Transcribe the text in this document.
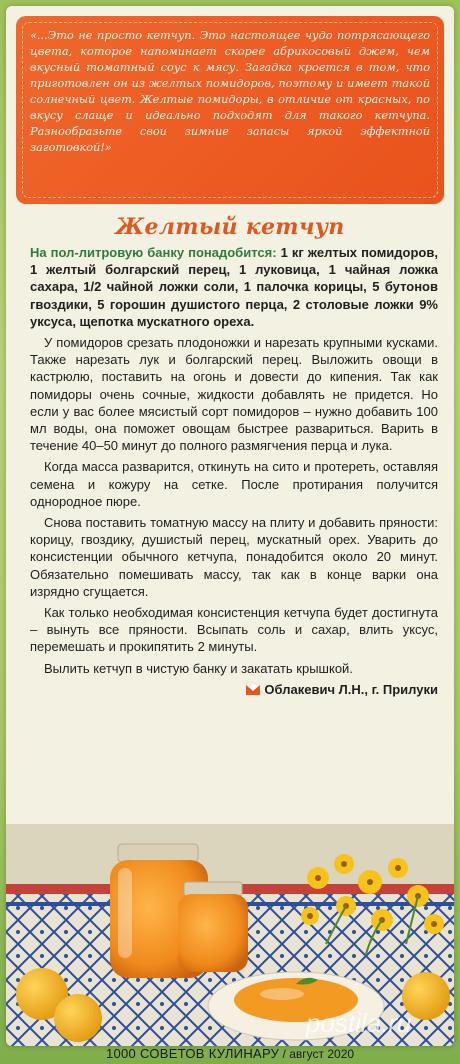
«...Это не просто кетчуп. Это настоящее чудо потрясающего цвета, которое напоминает скорее абрикосовый джем, чем вкусный томатный соус к мясу. Загадка кроется в том, что приготовлен он из желтых помидоров, поэтому и имеет такой солнечный цвет. Желтые помидоры, в отличие от красных, по вкусу слаще и идеально подходят для такого кетчупа. Разнообразьте свои зимние запасы яркой эффектной заготовкой!»

Желтый кетчуп

На пол-литровую банку понадобится: 1 кг желтых помидоров, 1 желтый болгарский перец, 1 луковица, 1 чайная ложка сахара, 1/2 чайной ложки соли, 1 палочка корицы, 5 бутонов гвоздики, 5 горошин душистого перца, 2 столовые ложки 9% уксуса, щепотка мускатного ореха.

У помидоров срезать плодоножки и нарезать крупными кусками. Также нарезать лук и болгарский перец. Выложить овощи в кастрюлю, поставить на огонь и довести до кипения. Так как помидоры очень сочные, жидкости добавлять не придется. Но если у вас более мясистый сорт помидоров – нужно добавить 100 мл воды, она поможет овощам быстрее развариться. Варить в течение 40–50 минут до полного размягчения перца и лука.

Когда масса разварится, откинуть на сито и протереть, оставляя семена и кожуру на сетке. После протирания получится однородное пюре.

Снова поставить томатную массу на плиту и добавить пряности: корицу, гвоздику, душистый перец, мускатный орех. Уварить до консистенции обычного кетчупа, понадобится около 20 минут. Обязательно помешивать массу, так как в конце варки она изрядно сгущается.

Как только необходимая консистенция кетчупа будет достигнута – вынуть все пряности. Всыпать соль и сахар, влить уксус, перемешать и прокипятить 2 минуты.

Вылить кетчуп в чистую банку и закатать крышкой.

Облакевич Л.Н., г. Прилуки
postila.ru
1000 СОВЕТОВ КУЛИНАРУ / август 2020
